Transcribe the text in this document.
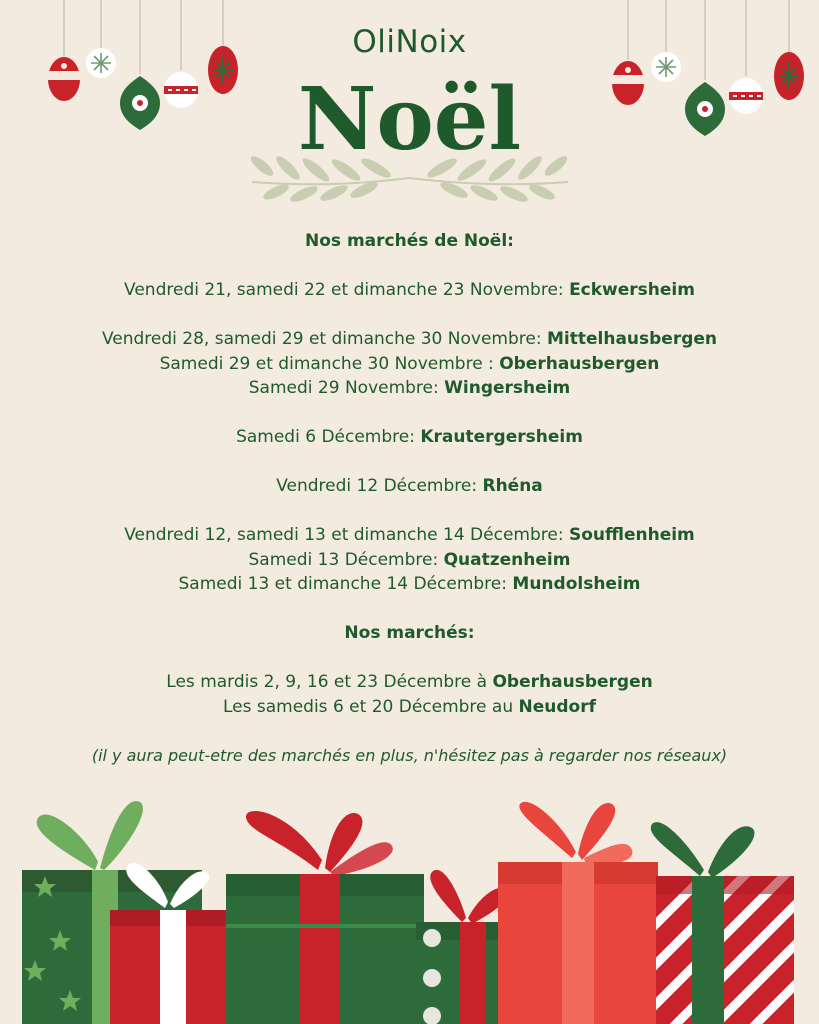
OliNoix
Noël
Nos marchés de Noël:
Vendredi 21, samedi 22 et dimanche 23 Novembre: Eckwersheim
Vendredi 28, samedi 29 et dimanche 30 Novembre: Mittelhausbergen
Samedi 29 et dimanche 30 Novembre : Oberhausbergen
Samedi 29 Novembre: Wingersheim
Samedi 6 Décembre: Krautergersheim
Vendredi 12 Décembre: Rhéna
Vendredi 12, samedi 13 et dimanche 14 Décembre: Soufflenheim
Samedi 13 Décembre: Quatzenheim
Samedi 13 et dimanche 14 Décembre: Mundolsheim
Nos marchés:
Les mardis 2, 9, 16 et 23 Décembre à Oberhausbergen
Les samedis 6 et 20 Décembre au Neudorf
(il y aura peut-etre des marchés en plus, n'hésitez pas à regarder nos réseaux)
